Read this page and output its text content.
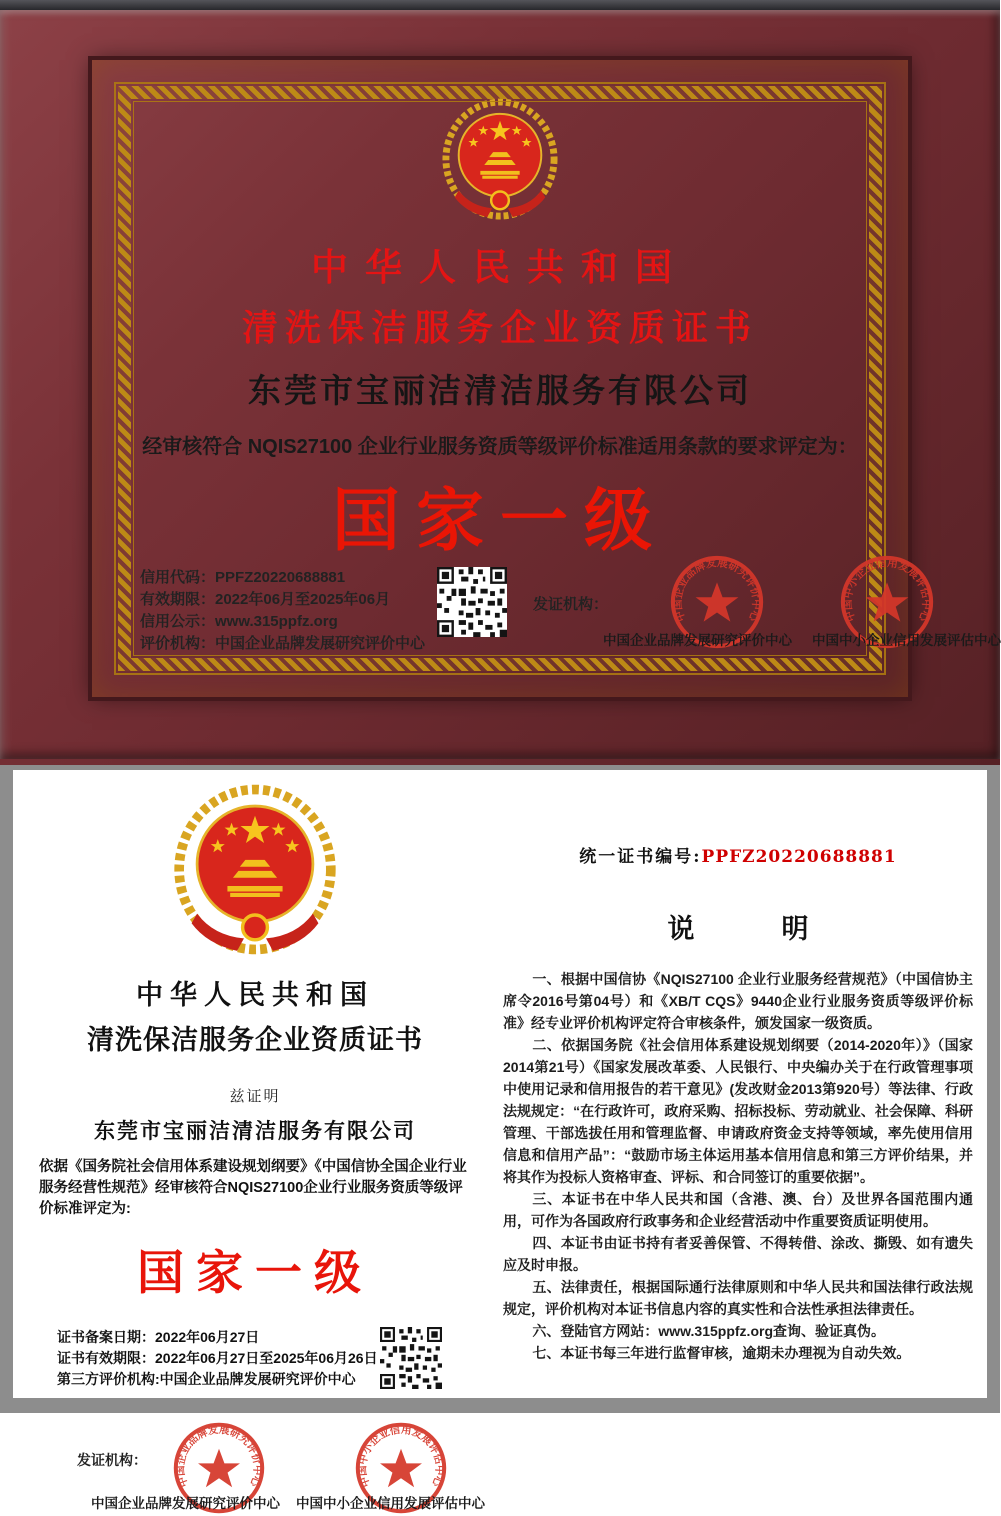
中华人民共和国
清洗保洁服务企业资质证书
东莞市宝丽洁清洁服务有限公司
经审核符合 NQIS27100 企业行业服务资质等级评价标准适用条款的要求评定为：
国家一级
信用代码：PPFZ20220688881
有效期限：2022年06月至2025年06月
信用公示：www.315ppfz.org
评价机构：中国企业品牌发展研究评价中心
发证机构：
中国企业品牌发展研究评价中心	中国中小企业信用发展评估中心
中国企业品牌发展研究评价中心 中国中小企业信用发展评估中心
中华人民共和国
清洗保洁服务企业资质证书
兹证明
东莞市宝丽洁清洁服务有限公司
依据《国务院社会信用体系建设规划纲要》《中国信协全国企业行业服务经营性规范》经审核符合NQIS27100企业行业服务资质等级评价标准评定为:
国家一级
证书备案日期：2022年06月27日
证书有效期限：2022年06月27日至2025年06月26日
第三方评价机构:中国企业品牌发展研究评价中心
发证机构：
中国企业品牌发展研究评价中心	中国中小企业信用发展评估中心
中国企业品牌发展研究评价中心 中国中小企业信用发展评估中心
统一证书编号:PPFZ20220688881
说　明

一、根据中国信协《NQIS27100 企业行业服务经营规范》（中国信协主席令2016号第04号）和《XB/T CQS》9440企业行业服务资质等级评价标准》经专业评价机构评定符合审核条件，颁发国家一级资质。

二、依据国务院《社会信用体系建设规划纲要（2014-2020年）》（国家2014第21号）《国家发展改革委、人民银行、中央编办关于在行政管理事项中使用记录和信用报告的若干意见》(发改财金2013第920号）等法律、行政法规规定：“在行政许可，政府采购、招标投标、劳动就业、社会保障、科研管理、干部选拔任用和管理监督、申请政府资金支持等领域，率先使用信用信息和信用产品”：“鼓励市场主体运用基本信用信息和第三方评价结果，并将其作为投标人资格审查、评标、和合同签订的重要依据”。

三、本证书在中华人民共和国（含港、澳、台）及世界各国范围内通用，可作为各国政府行政事务和企业经营活动中作重要资质证明使用。

四、本证书由证书持有者妥善保管、不得转借、涂改、撕毁、如有遗失应及时申报。

五、法律责任，根据国际通行法律原则和中华人民共和国法律行政法规规定，评价机构对本证书信息内容的真实性和合法性承担法律责任。

六、登陆官方网站：www.315ppfz.org查询、验证真伪。

七、本证书每三年进行监督审核，逾期未办理视为自动失效。
